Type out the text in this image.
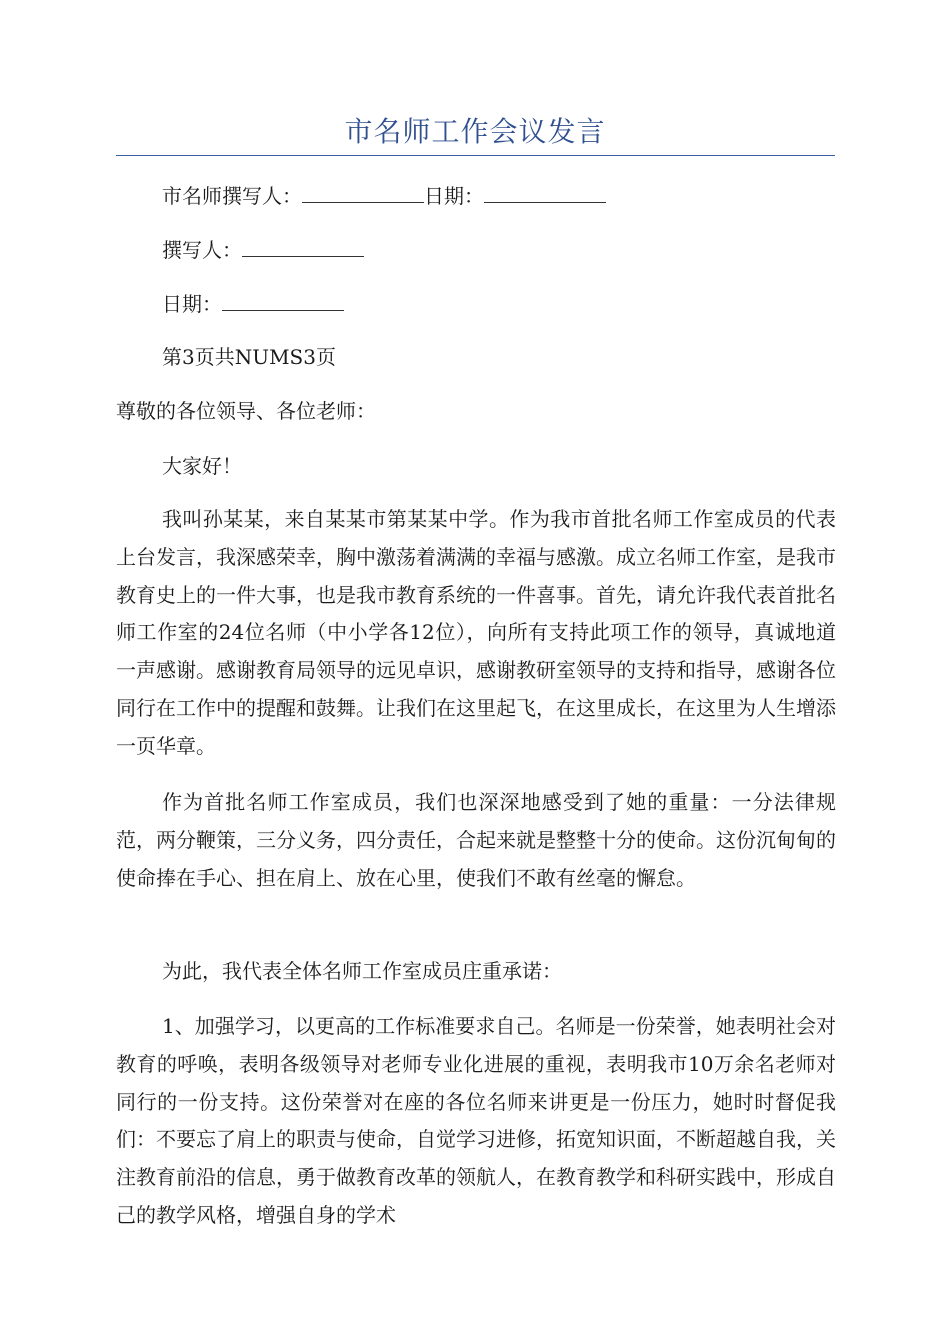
市名师工作会议发言
市名师撰写人：	日期：
撰写人：
日期：
第3页共NUMS3页
尊敬的各位领导、各位老师：
大家好！

我叫孙某某，来自某某市第某某中学。作为我市首批名师工作室成员的代表上台发言，我深感荣幸，胸中激荡着满满的幸福与感激。成立名师工作室，是我市教育史上的一件大事，也是我市教育系统的一件喜事。首先，请允许我代表首批名师工作室的24位名师（中小学各12位），向所有支持此项工作的领导，真诚地道一声感谢。感谢教育局领导的远见卓识，感谢教研室领导的支持和指导，感谢各位同行在工作中的提醒和鼓舞。让我们在这里起飞，在这里成长，在这里为人生增添一页华章。

作为首批名师工作室成员，我们也深深地感受到了她的重量：一分法律规范，两分鞭策，三分义务，四分责任，合起来就是整整十分的使命。这份沉甸甸的使命捧在手心、担在肩上、放在心里，使我们不敢有丝毫的懈怠。

为此，我代表全体名师工作室成员庄重承诺：

1、加强学习，以更高的工作标准要求自己。名师是一份荣誉，她表明社会对教育的呼唤，表明各级领导对老师专业化进展的重视，表明我市10万余名老师对同行的一份支持。这份荣誉对在座的各位名师来讲更是一份压力，她时时督促我们：不要忘了肩上的职责与使命，自觉学习进修，拓宽知识面，不断超越自我，关注教育前沿的信息，勇于做教育改革的领航人，在教育教学和科研实践中，形成自己的教学风格，增强自身的学术
